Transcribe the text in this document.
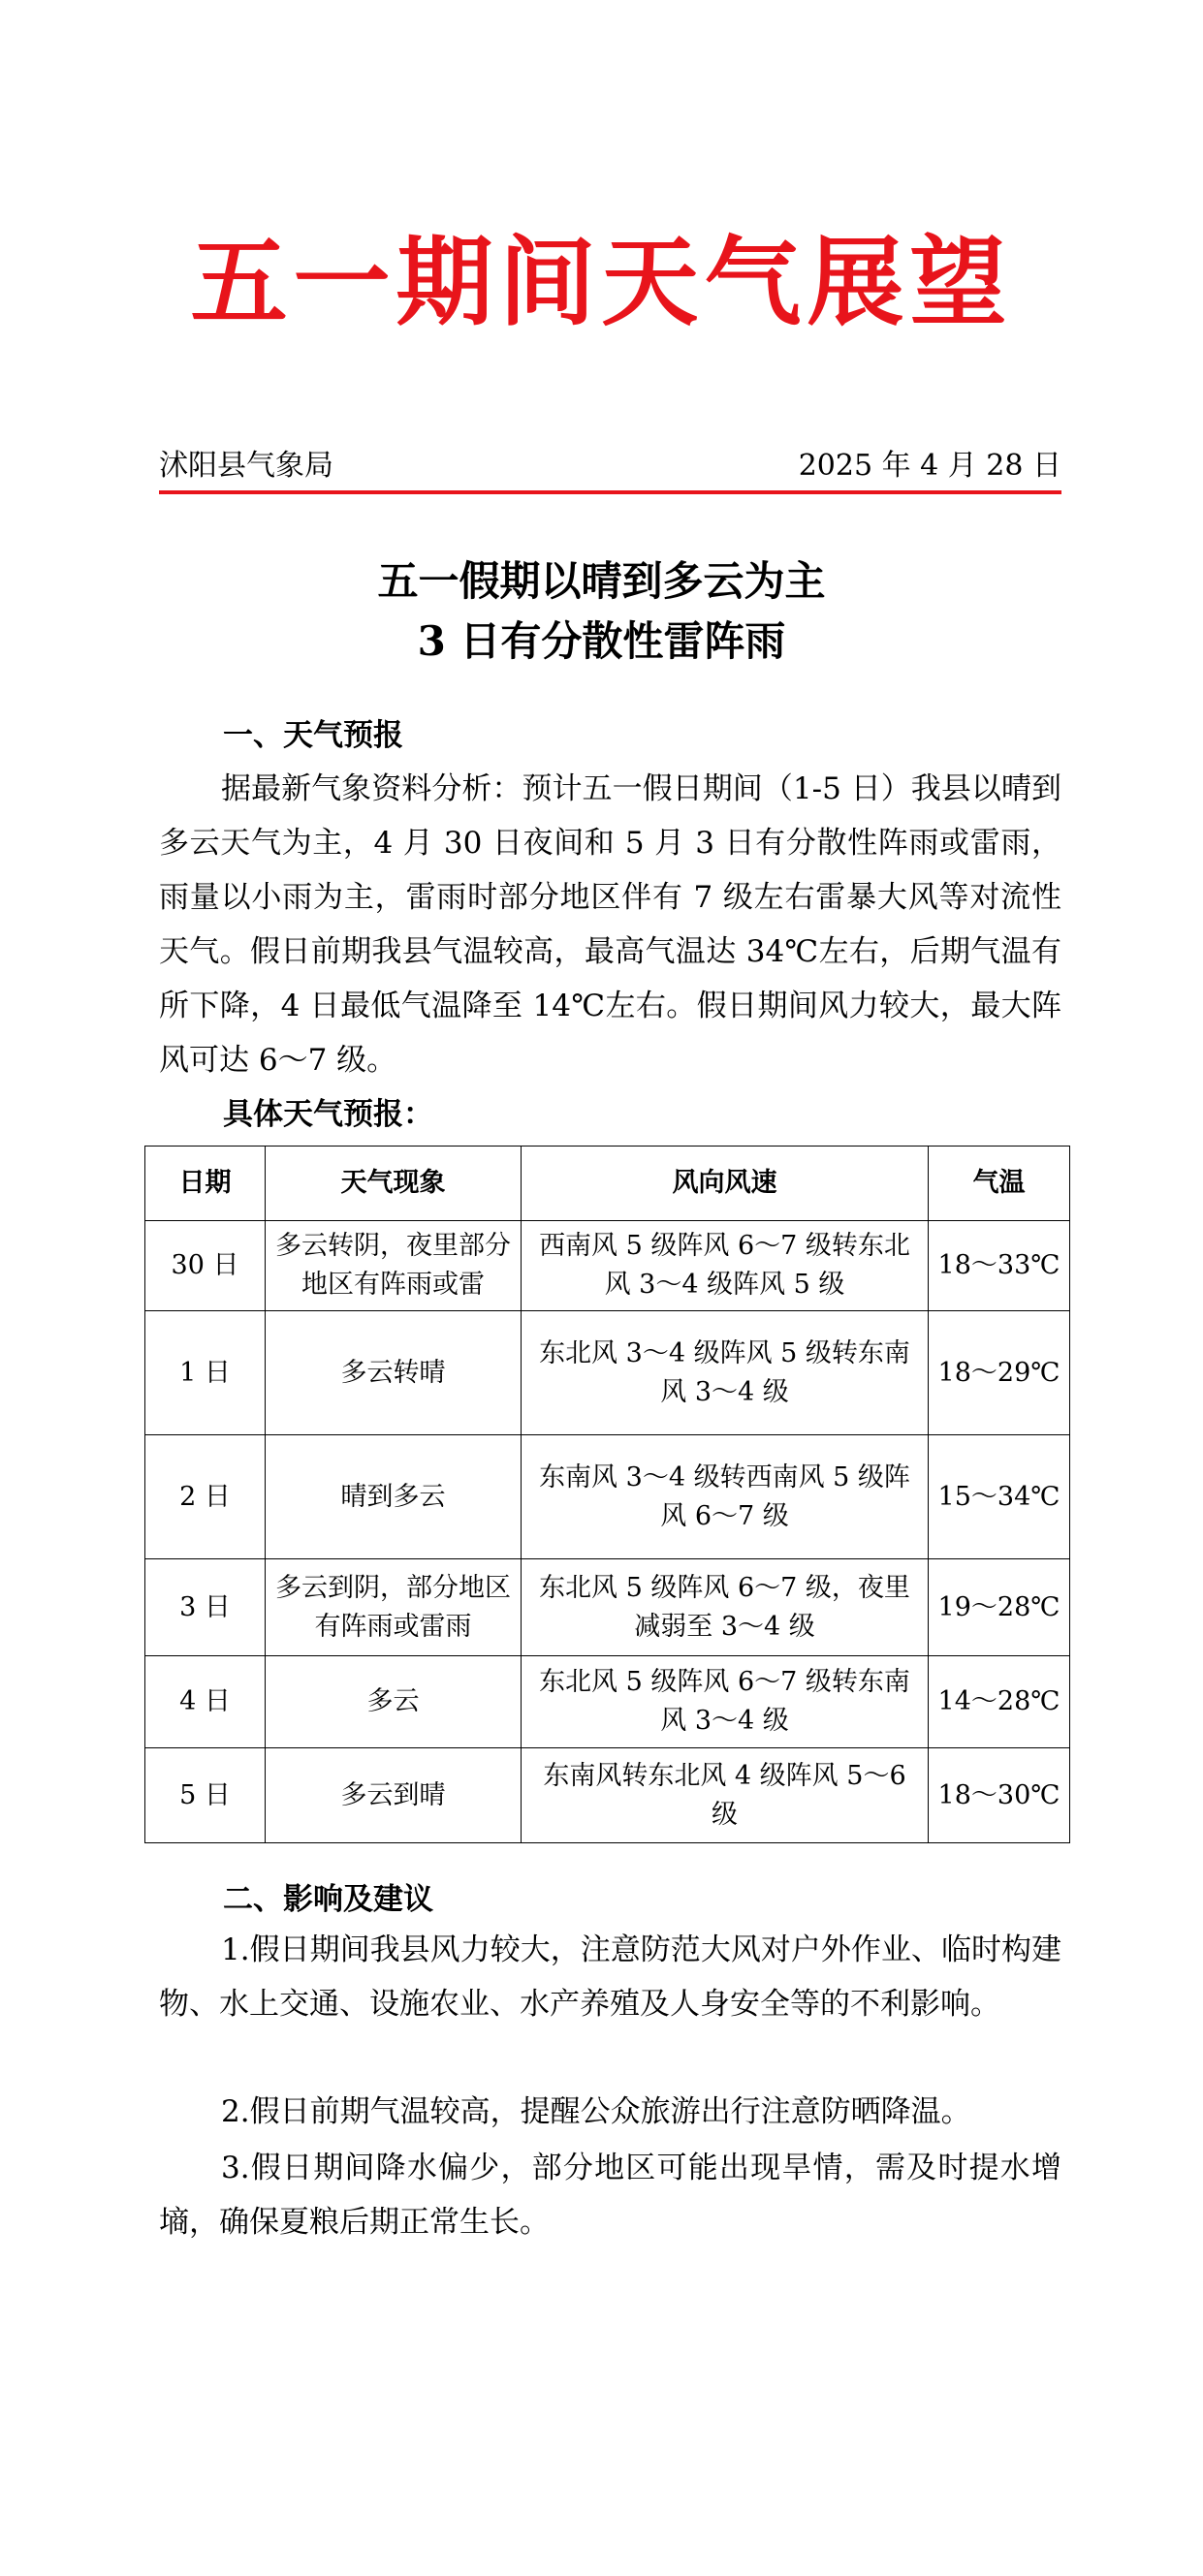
五一期间天气展望
沭阳县气象局	2025 年 4 月 28 日
五一假期以晴到多云为主
3 日有分散性雷阵雨
一、天气预报
据最新气象资料分析：预计五一假日期间（1-5 日）我县以晴到多云天气为主，4 月 30 日夜间和 5 月 3 日有分散性阵雨或雷雨，雨量以小雨为主，雷雨时部分地区伴有 7 级左右雷暴大风等对流性天气。假日前期我县气温较高，最高气温达 34℃左右，后期气温有所下降，4 日最低气温降至 14℃左右。假日期间风力较大，最大阵风可达 6～7 级。
具体天气预报：
日期	天气现象	风向风速	气温
30 日	多云转阴，夜里部分地区有阵雨或雷	西南风 5 级阵风 6～7 级转东北风 3～4 级阵风 5 级	18～33℃
1 日	多云转晴	东北风 3～4 级阵风 5 级转东南风 3～4 级	18～29℃
2 日	晴到多云	东南风 3～4 级转西南风 5 级阵风 6～7 级	15～34℃
3 日	多云到阴，部分地区有阵雨或雷雨	东北风 5 级阵风 6～7 级，夜里减弱至 3～4 级	19～28℃
4 日	多云	东北风 5 级阵风 6～7 级转东南风 3～4 级	14～28℃
5 日	多云到晴	东南风转东北风 4 级阵风 5～6 级	18～30℃
二、影响及建议
1.假日期间我县风力较大，注意防范大风对户外作业、临时构建物、水上交通、设施农业、水产养殖及人身安全等的不利影响。
2.假日前期气温较高，提醒公众旅游出行注意防晒降温。
3.假日期间降水偏少，部分地区可能出现旱情，需及时提水增墒，确保夏粮后期正常生长。
